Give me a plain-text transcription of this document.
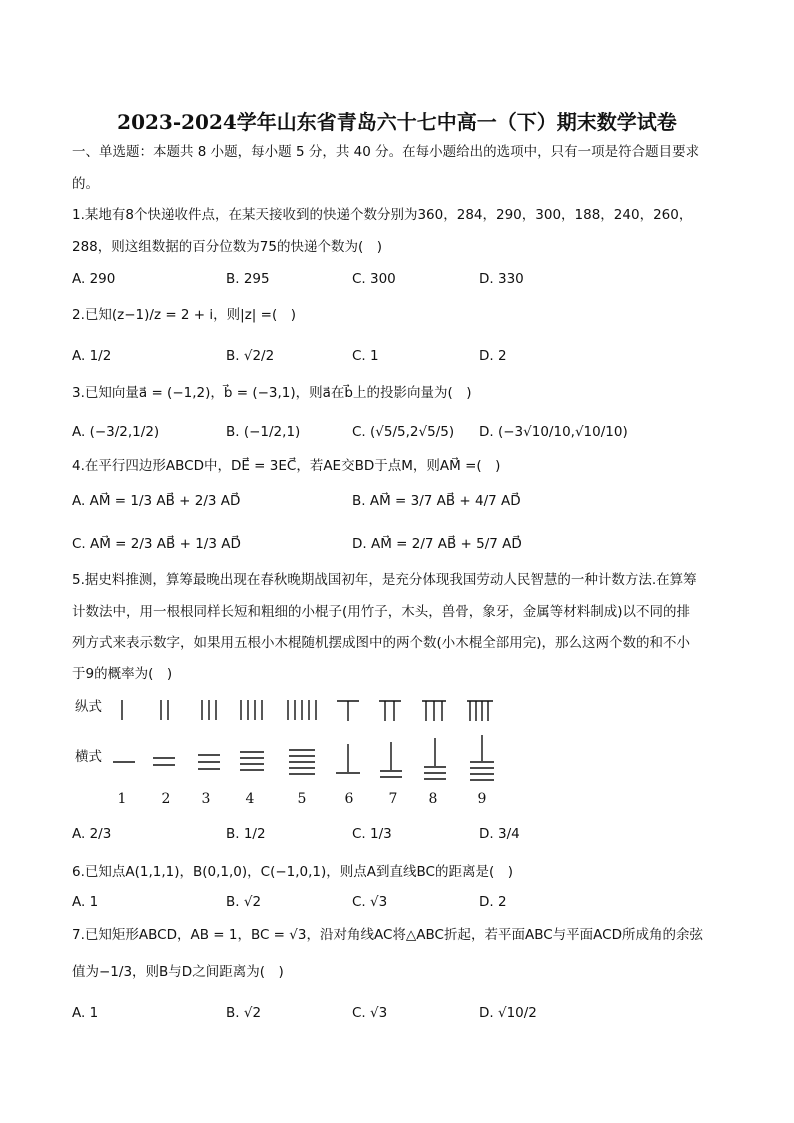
2023-2024学年山东省青岛六十七中高一（下）期末数学试卷
一、单选题：本题共 8 小题，每小题 5 分，共 40 分。在每小题给出的选项中，只有一项是符合题目要求
的。
1.某地有8个快递收件点，在某天接收到的快递个数分别为360，284，290，300，188，240，260，
288，则这组数据的百分位数为75的快递个数为(　)
A. 290	B. 295	C. 300	D. 330
2.已知(z−1)/z = 2 + i，则|z| =(　)
A. 1/2	B. √2/2	C. 1	D. 2
3.已知向量a⃗ = (−1,2)，b⃗ = (−3,1)，则a⃗在b⃗上的投影向量为(　)
A. (−3/2,1/2)	B. (−1/2,1)	C. (√5/5,2√5/5) D. (−3√10/10,√10/10)
4.在平行四边形ABCD中，DE⃗ = 3EC⃗，若AE交BD于点M，则AM⃗ =(　)
A. AM⃗ = 1/3 AB⃗ + 2/3 AD⃗	B. AM⃗ = 3/7 AB⃗ + 4/7 AD⃗
C. AM⃗ = 2/3 AB⃗ + 1/3 AD⃗	D. AM⃗ = 2/7 AB⃗ + 5/7 AD⃗
5.据史料推测，算筹最晚出现在春秋晚期战国初年，是充分体现我国劳动人民智慧的一种计数方法.在算筹
计数法中，用一根根同样长短和粗细的小棍子(用竹子，木头，兽骨，象牙，金属等材料制成)以不同的排
列方式来表示数字，如果用五根小木棍随机摆成图中的两个数(小木棍全部用完)，那么这两个数的和不小
于9的概率为(　)
纵式
横式
1	2 3	4	5	6	7 8	9
A. 2/3	B. 1/2	C. 1/3	D. 3/4
6.已知点A(1,1,1)，B(0,1,0)，C(−1,0,1)，则点A到直线BC的距离是(　)
A. 1	B. √2	C. √3	D. 2
7.已知矩形ABCD，AB = 1，BC = √3，沿对角线AC将△ABC折起，若平面ABC与平面ACD所成角的余弦
值为−1/3，则B与D之间距离为(　)
A. 1	B. √2	C. √3	D. √10/2
